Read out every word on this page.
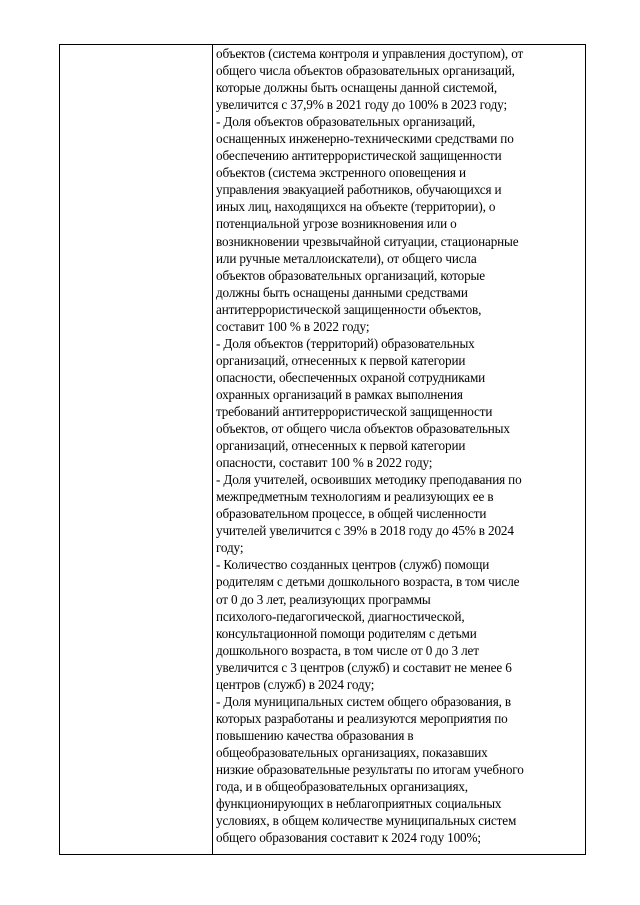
объектов (система контроля и управления доступом), от
общего числа объектов образовательных организаций,
которые должны быть оснащены данной системой,
увеличится с 37,9% в 2021 году до 100% в 2023 году;
- Доля объектов образовательных организаций,
оснащенных инженерно-техническими средствами по
обеспечению антитеррористической защищенности
объектов (система экстренного оповещения и
управления эвакуацией работников, обучающихся и
иных лиц, находящихся на объекте (территории), о
потенциальной угрозе возникновения или о
возникновении чрезвычайной ситуации, стационарные
или ручные металлоискатели), от общего числа
объектов образовательных организаций, которые
должны быть оснащены данными средствами
антитеррористической защищенности объектов,
составит 100 % в 2022 году;
- Доля объектов (территорий) образовательных
организаций, отнесенных к первой категории
опасности, обеспеченных охраной сотрудниками
охранных организаций в рамках выполнения
требований антитеррористической защищенности
объектов, от общего числа объектов образовательных
организаций, отнесенных к первой категории
опасности, составит 100 % в 2022 году;
- Доля учителей, освоивших методику преподавания по
межпредметным технологиям и реализующих ее в
образовательном процессе, в общей численности
учителей увеличится с 39% в 2018 году до 45% в 2024
году;
- Количество созданных центров (служб) помощи
родителям с детьми дошкольного возраста, в том числе
от 0 до 3 лет, реализующих программы
психолого-педагогической, диагностической,
консультационной помощи родителям с детьми
дошкольного возраста, в том числе от 0 до 3 лет
увеличится с 3 центров (служб) и составит не менее 6
центров (служб) в 2024 году;
- Доля муниципальных систем общего образования, в
которых разработаны и реализуются мероприятия по
повышению качества образования в
общеобразовательных организациях, показавших
низкие образовательные результаты по итогам учебного
года, и в общеобразовательных организациях,
функционирующих в неблагоприятных социальных
условиях, в общем количестве муниципальных систем
общего образования составит к 2024 году 100%;
